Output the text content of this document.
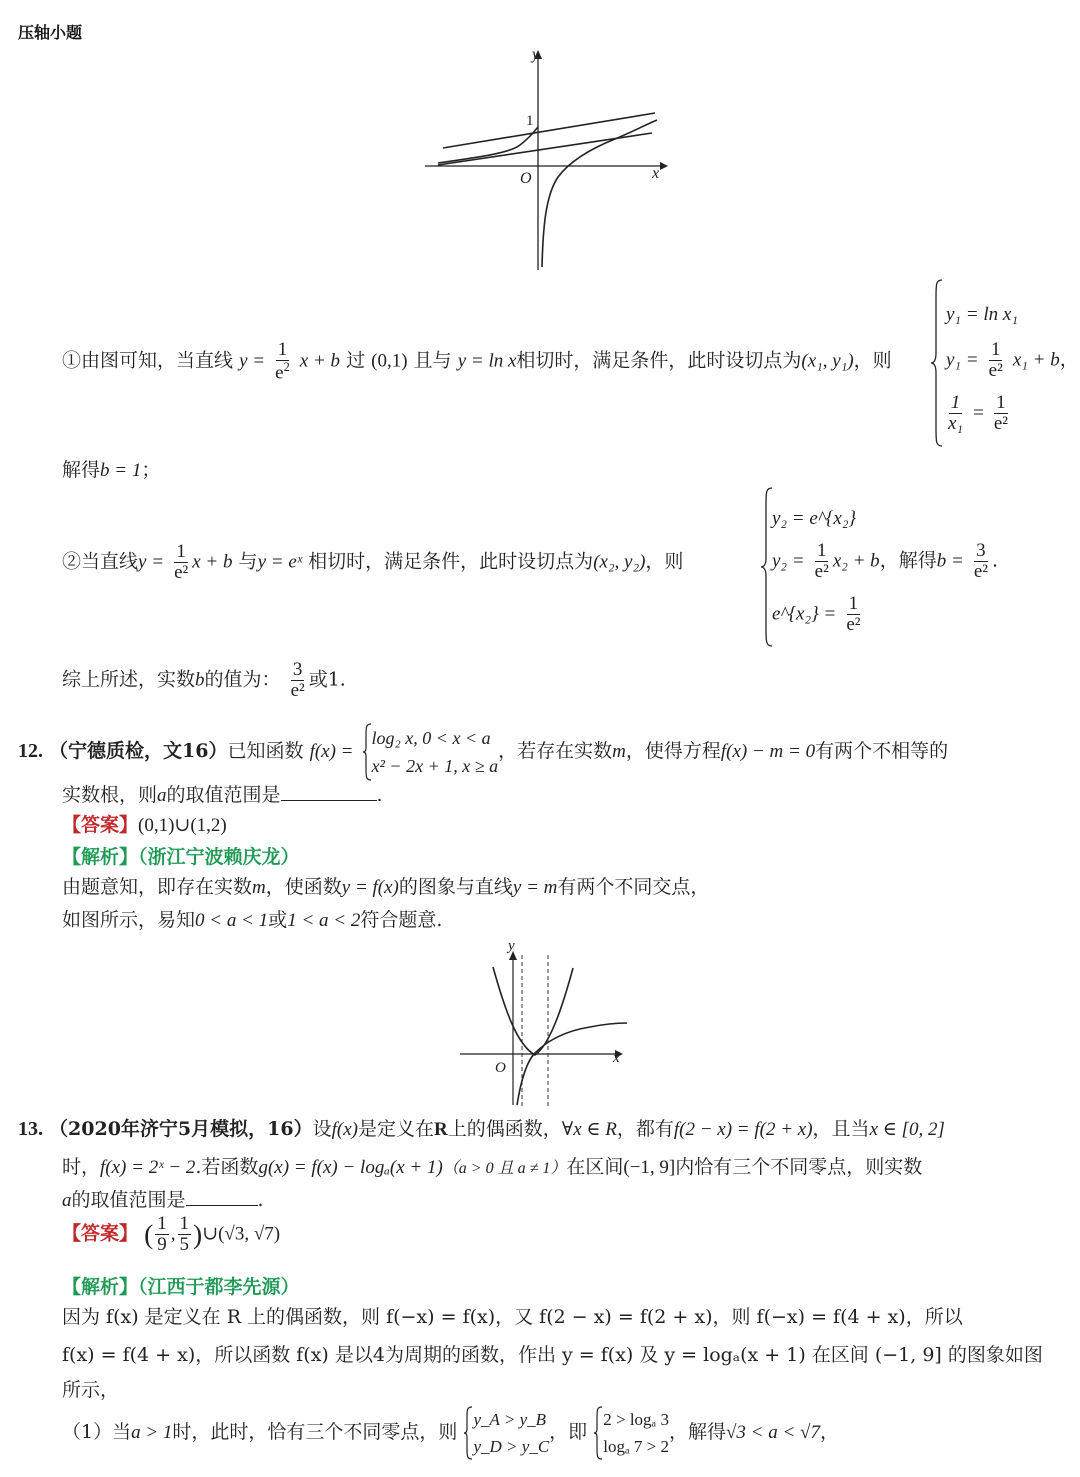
压轴小题
y
x
O
1
①由图可知，当直线 $y = \frac{1}{e^2}$ x + b 过 (0,1) 且与 y = ln x相切时，满足条件，此时设切点为(x₁, y₁)，则
y₁ = ln x₁
$y_1 = \frac{1}{\text{e²}} x_1 + b$，
$\frac{1}{\text{x₁}} = \frac{1}{\text{e²}}$
解得b = 1；
②当直线$y = \frac{1}{\text{e²}}$ x + b 与y = eˣ 相切时，满足条件，此时设切点为(x₂, y₂)，则
y₂ = e^{x₂}
$y_2 = \frac{1}{\text{e²}} x_2 + b$，解得$b = \frac{3}{\text{e²}}$ .
e^{x₂} = $\frac{1}{\text{e²}}$
综上所述，实数b的值为： $\frac{3}{\text{e²}}$ 或1.
12. （宁德质检，文16）已知函数 f(x) =
log₂ x, 0 < x < a
x² − 2x + 1, x ≥ a
，若存在实数m，使得方程f(x) − m = 0有两个不相等的
实数根，则a的取值范围是	.
【答案】(0,1)∪(1,2)
【解析】（浙江宁波赖庆龙）
由题意知，即存在实数m，使函数y = f(x)的图象与直线y = m有两个不同交点，
如图所示，易知0 < a < 1或1 < a < 2符合题意.
y
x
O
13. （2020年济宁5月模拟，16）设f(x)是定义在R上的偶函数，∀x ∈ R，都有f(2 − x) = f(2 + x)，且当x ∈ [0, 2]
时，f(x) = 2ˣ − 2.若函数g(x) = f(x) − logₐ(x + 1)（a > 0 且 a ≠ 1）在区间(−1, 9]内恰有三个不同零点，则实数
a的取值范围是	.
【答案】 ( $\frac{1}{9}$ , $\frac{1}{5}$ )∪(√3, √7)
【解析】（江西于都李先源）
因为 f(x) 是定义在 R 上的偶函数，则 f(−x) = f(x)，又 f(2 − x) = f(2 + x)，则 f(−x) = f(4 + x)，所以
f(x) = f(4 + x)，所以函数 f(x) 是以4为周期的函数，作出 y = f(x) 及 y = logₐ(x + 1) 在区间 (−1, 9] 的图象如图
所示，
（1）当a > 1时，此时，恰有三个不同零点，则
y_A > y_B
y_D > y_C
，即
2 > logₐ 3
logₐ 7 > 2
，解得√3 < a < √7，
